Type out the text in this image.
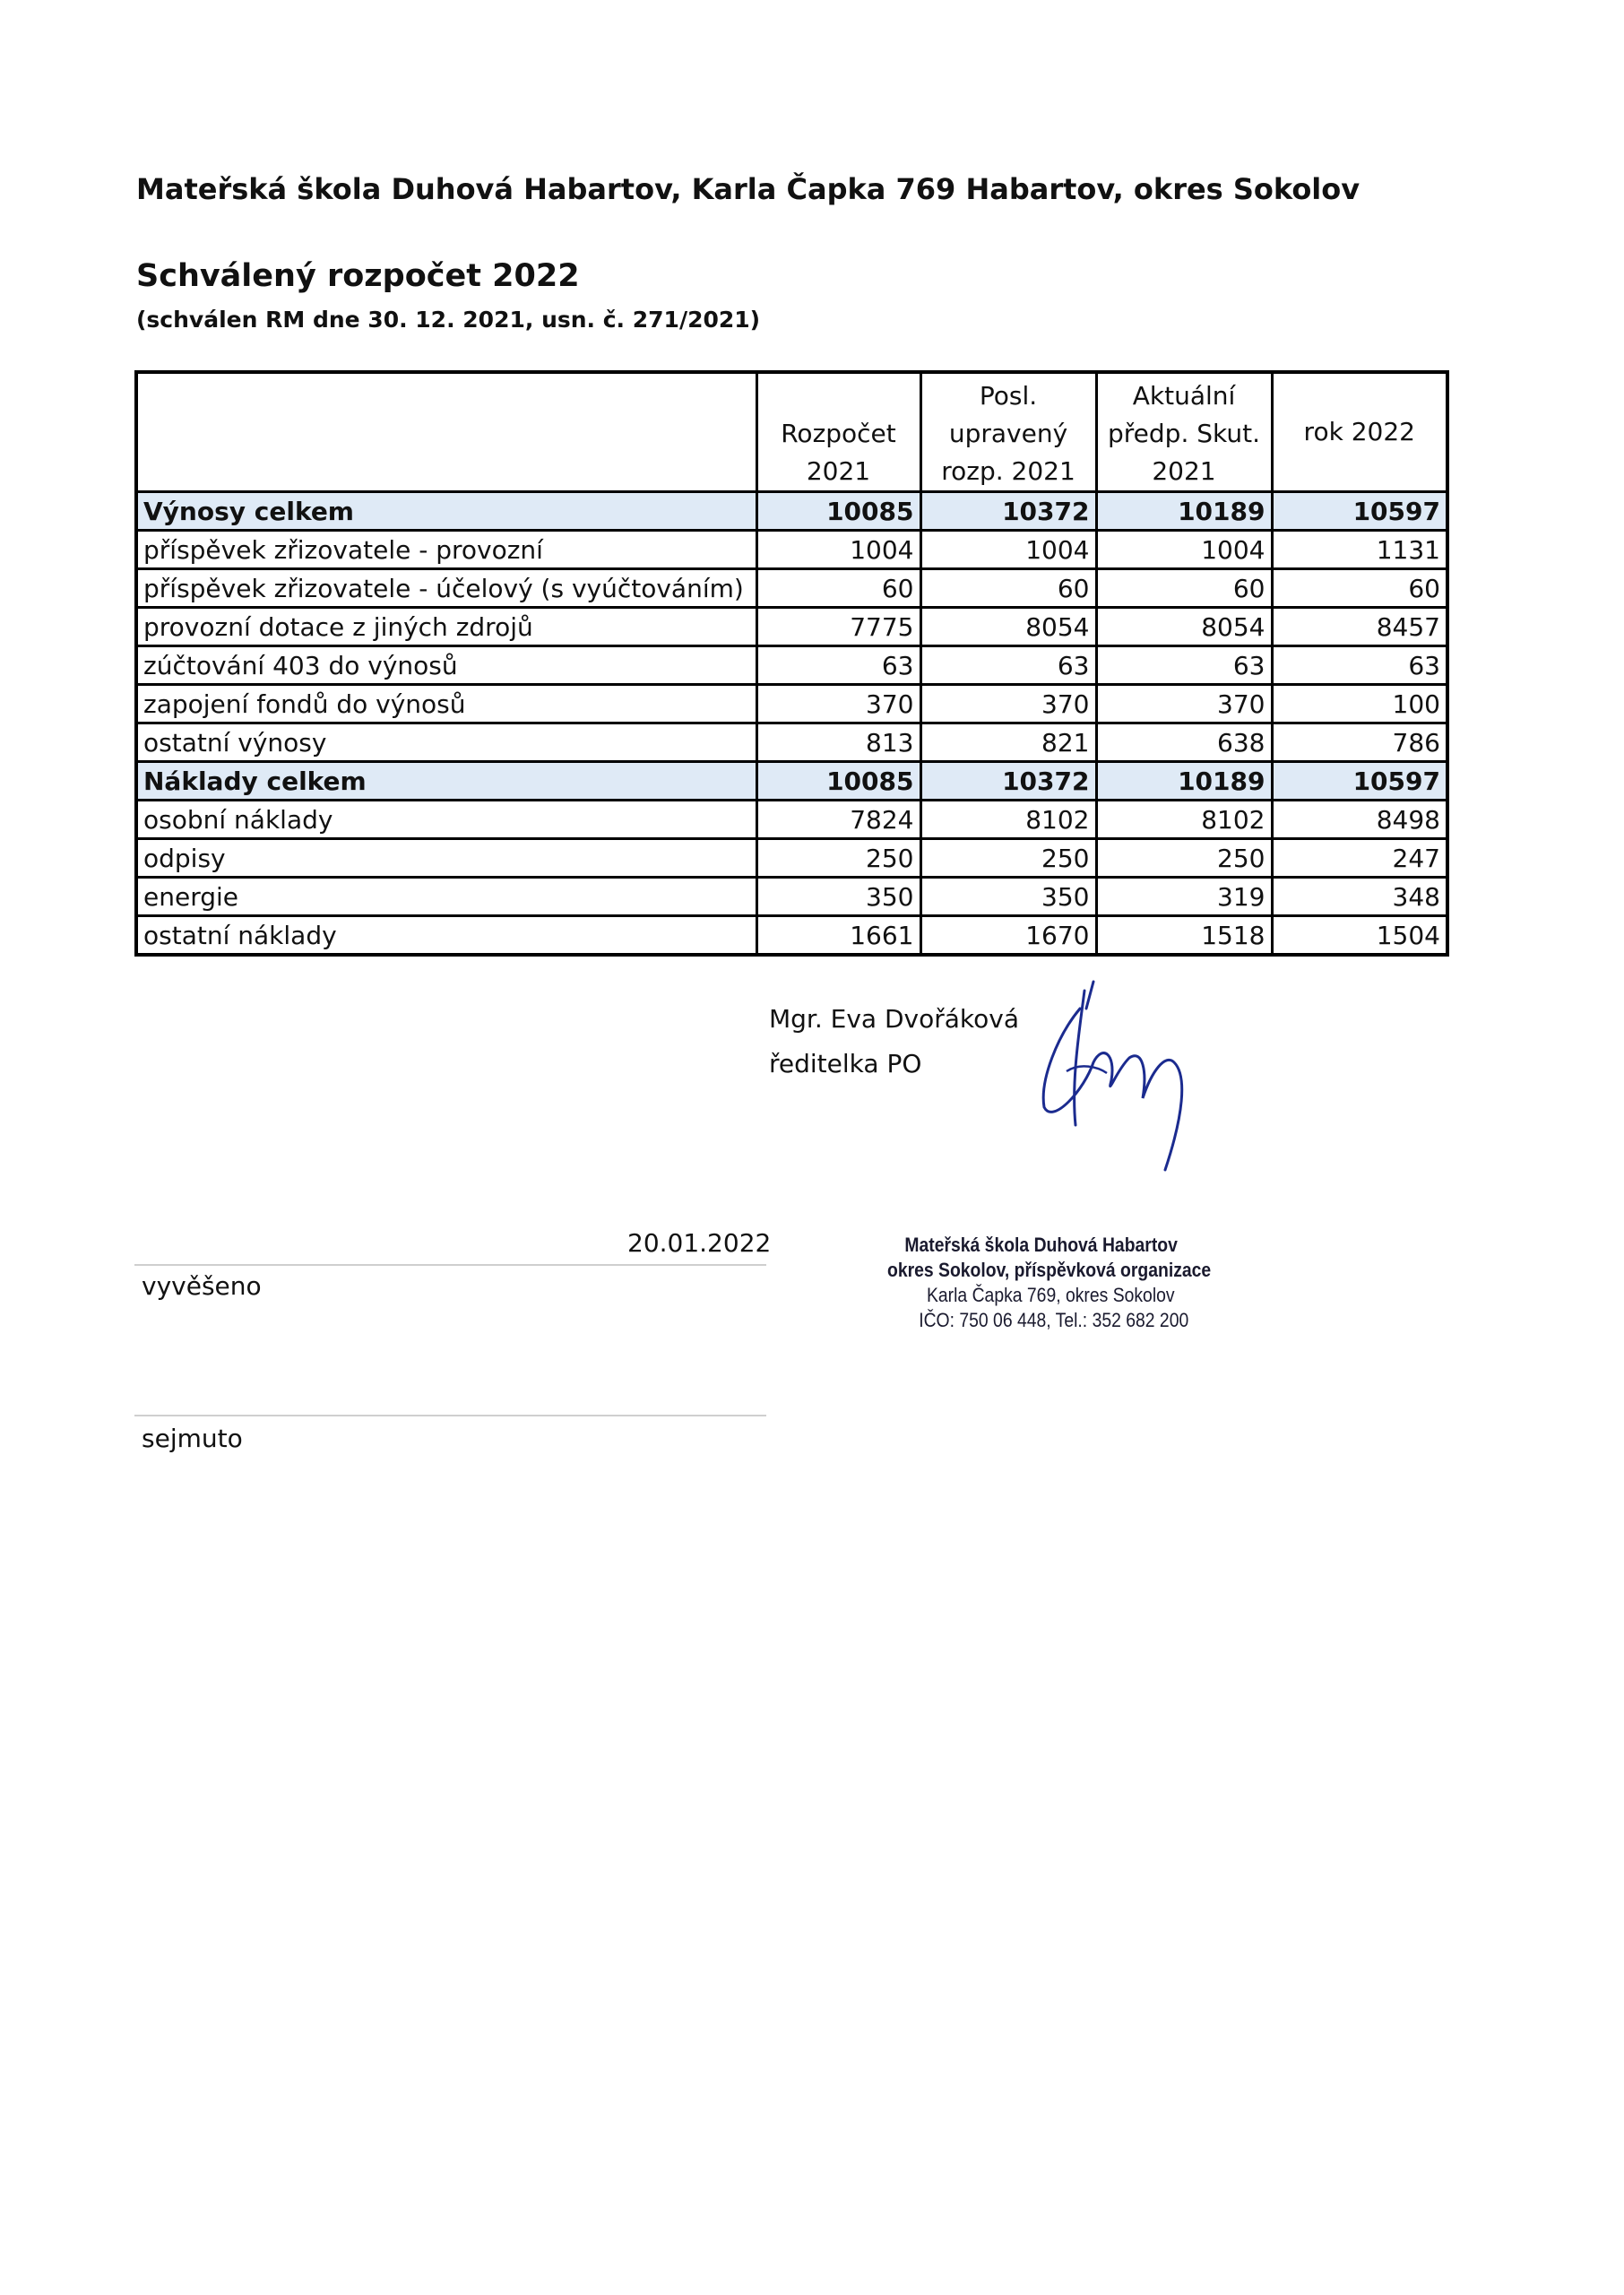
Mateřská škola Duhová Habartov, Karla Čapka 769 Habartov, okres Sokolov
Schválený rozpočet 2022
(schválen RM dne 30. 12. 2021, usn. č. 271/2021)
	Rozpočet 2021	Posl. upravený rozp. 2021	Aktuální předp. Skut. 2021	rok 2022
Výnosy celkem	10085	10372	10189	10597
příspěvek zřizovatele - provozní	1004	1004	1004	1131
příspěvek zřizovatele - účelový (s vyúčtováním)	60	60	60	60
provozní dotace z jiných zdrojů	7775	8054	8054	8457
zúčtování 403 do výnosů	63	63	63	63
zapojení fondů do výnosů	370	370	370	100
ostatní výnosy	813	821	638	786
Náklady celkem	10085	10372	10189	10597
osobní náklady	7824	8102	8102	8498
odpisy	250	250	250	247
energie	350	350	319	348
ostatní náklady	1661	1670	1518	1504
Mgr. Eva Dvořáková
ředitelka PO
20.01.2022
vyvěšeno
sejmuto
Mateřská škola Duhová Habartov
okres Sokolov, příspěvková organizace
Karla Čapka 769, okres Sokolov
IČO: 750 06 448, Tel.: 352 682 200
